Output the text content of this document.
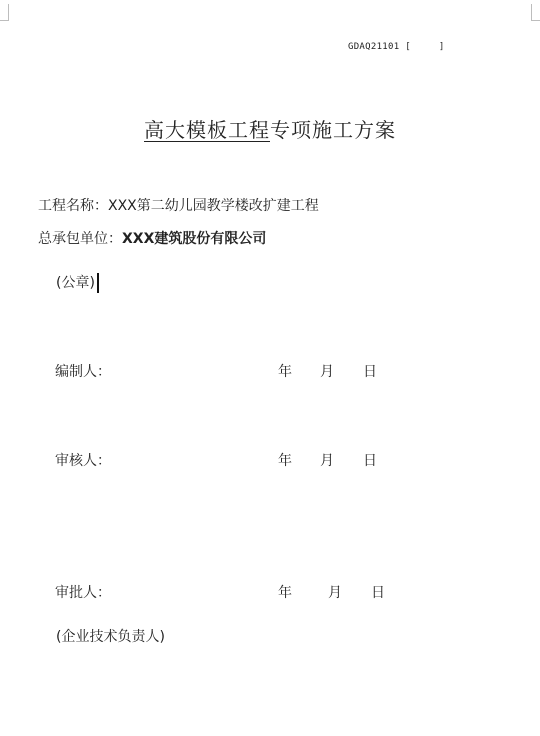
GDAQ21101 [	]
高大模板工程专项施工方案
工程名称：XXX第二幼儿园教学楼改扩建工程
总承包单位：XXX建筑股份有限公司
(公章)
编制人：	年 月 日
审核人：	年 月 日
审批人：	年	月 日
(企业技术负责人)
